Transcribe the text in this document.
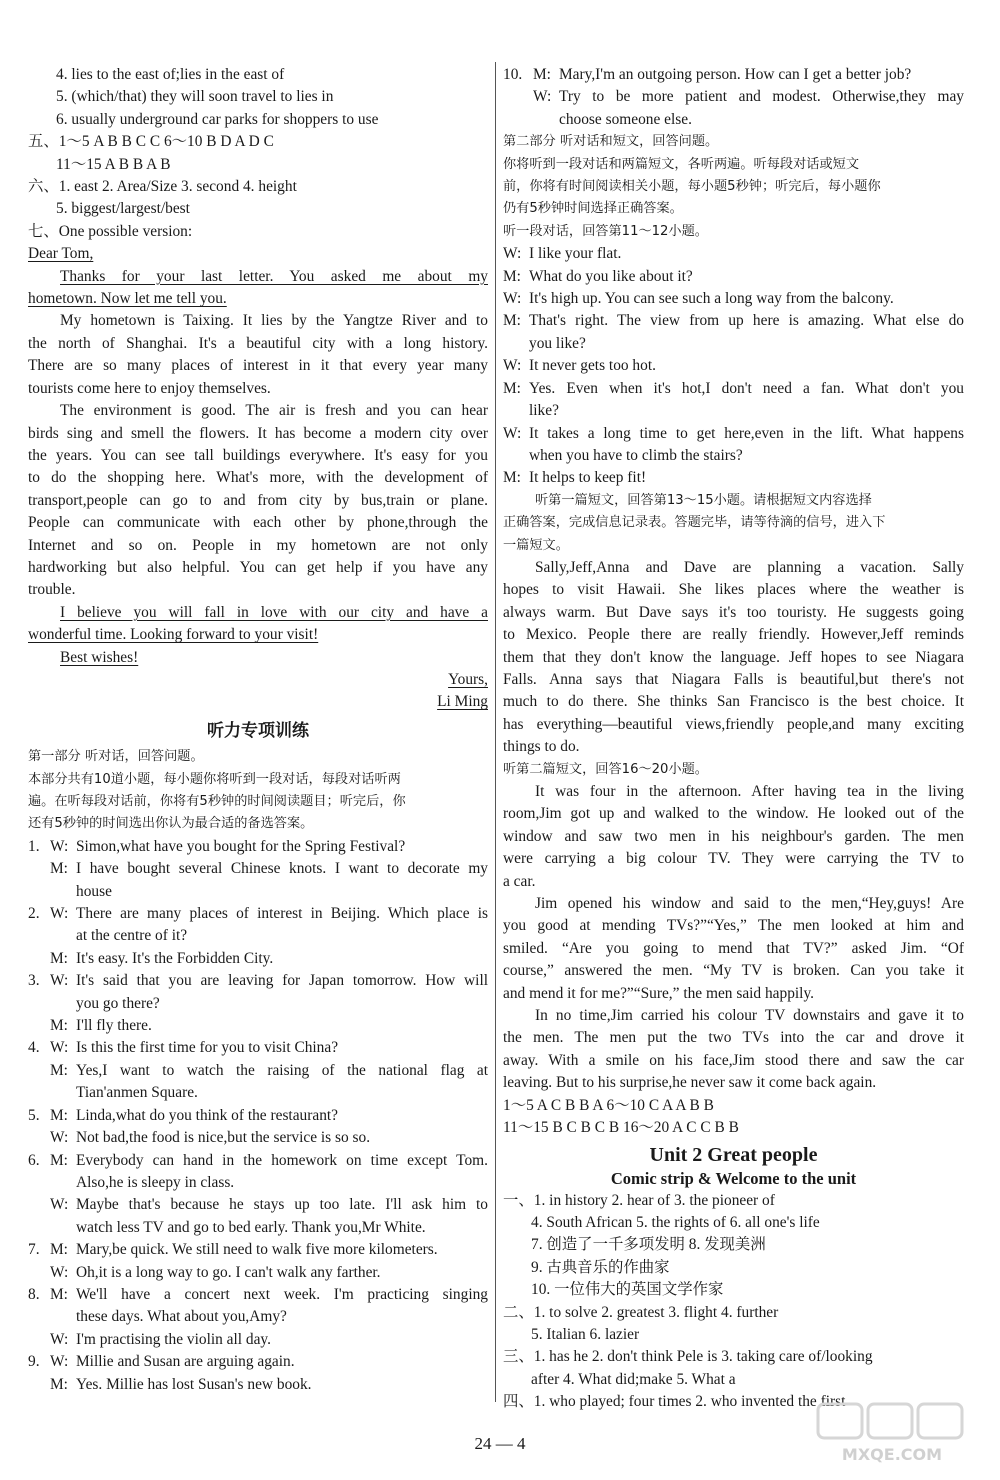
4. lies to the east of;lies in the east of
5. (which/that) they will soon travel to lies in
6. usually underground car parks for shoppers to use
五、1～5 A B B C C 6～10 B D A D C
11～15 A B B A B
六、1. east 2. Area/Size 3. second 4. height
5. biggest/largest/best
七、One possible version:
Dear Tom,
Thanks for your last letter. You asked me about my
hometown. Now let me tell you.
My hometown is Taixing. It lies by the Yangtze River and to
the north of Shanghai. It's a beautiful city with a long history.
There are so many places of interest in it that every year many
tourists come here to enjoy themselves.
The environment is good. The air is fresh and you can hear
birds sing and smell the flowers. It has become a modern city over
the years. You can see tall buildings everywhere. It's easy for you
to do the shopping here. What's more, with the development of
transport,people can go to and from city by bus,train or plane.
People can communicate with each other by phone,through the
Internet and so on. People in my hometown are not only
hardworking but also helpful. You can get help if you have any
trouble.
I believe you will fall in love with our city and have a
wonderful time. Looking forward to your visit!
Best wishes!
Yours,
Li Ming
听力专项训练
第一部分 听对话，回答问题。
本部分共有10道小题，每小题你将听到一段对话，每段对话听两
遍。在听每段对话前，你将有5秒钟的时间阅读题目；听完后，你
还有5秒钟的时间选出你认为最合适的备选答案。
1. W: Simon,what have you bought for the Spring Festival?
M: I have bought several Chinese knots. I want to decorate my
house
2. W: There are many places of interest in Beijing. Which place is
at the centre of it?
M: It's easy. It's the Forbidden City.
3. W: It's said that you are leaving for Japan tomorrow. How will
you go there?
M: I'll fly there.
4. W: Is this the first time for you to visit China?
M: Yes,I want to watch the raising of the national flag at
Tian'anmen Square.
5. M: Linda,what do you think of the restaurant?
W: Not bad,the food is nice,but the service is so so.
6. M: Everybody can hand in the homework on time except Tom.
Also,he is sleepy in class.
W: Maybe that's because he stays up too late. I'll ask him to
watch less TV and go to bed early. Thank you,Mr White.
7. M: Mary,be quick. We still need to walk five more kilometers.
W: Oh,it is a long way to go. I can't walk any farther.
8. M: We'll have a concert next week. I'm practicing singing
these days. What about you,Amy?
W: I'm practising the violin all day.
9. W: Millie and Susan are arguing again.
M: Yes. Millie has lost Susan's new book.
10. M: Mary,I'm an outgoing person. How can I get a better job?
W: Try to be more patient and modest. Otherwise,they may
choose someone else.
第二部分 听对话和短文，回答问题。
你将听到一段对话和两篇短文，各听两遍。听每段对话或短文
前，你将有时间阅读相关小题，每小题5秒钟；听完后，每小题你
仍有5秒钟时间选择正确答案。
听一段对话，回答第11～12小题。
W: I like your flat.
M: What do you like about it?
W: It's high up. You can see such a long way from the balcony.
M: That's right. The view from up here is amazing. What else do
you like?
W: It never gets too hot.
M: Yes. Even when it's hot,I don't need a fan. What don't you
like?
W: It takes a long time to get here,even in the lift. What happens
when you have to climb the stairs?
M: It helps to keep fit!
听第一篇短文，回答第13～15小题。请根据短文内容选择
正确答案，完成信息记录表。答题完毕，请等待滴的信号，进入下
一篇短文。
Sally,Jeff,Anna and Dave are planning a vacation. Sally
hopes to visit Hawaii. She likes places where the weather is
always warm. But Dave says it's too touristy. He suggests going
to Mexico. People there are really friendly. However,Jeff reminds
them that they don't know the language. Jeff hopes to see Niagara
Falls. Anna says that Niagara Falls is beautiful,but there's not
much to do there. She thinks San Francisco is the best choice. It
has everything—beautiful views,friendly people,and many exciting
things to do.
听第二篇短文，回答16～20小题。
It was four in the afternoon. After having tea in the living
room,Jim got up and walked to the window. He looked out of the
window and saw two men in his neighbour's garden. The men
were carrying a big colour TV. They were carrying the TV to
a car.
Jim opened his window and said to the men,“Hey,guys! Are
you good at mending TVs?”“Yes,” The men looked at him and
smiled. “Are you going to mend that TV?” asked Jim. “Of
course,” answered the men. “My TV is broken. Can you take it
and mend it for me?”“Sure,” the men said happily.
In no time,Jim carried his colour TV downstairs and gave it to
the men. The men put the two TVs into the car and drove it
away. With a smile on his face,Jim stood there and saw the car
leaving. But to his surprise,he never saw it come back again.
1～5 A C B B A 6～10 C A A B B
11～15 B C B C B 16～20 A C C B B
Unit 2 Great people
Comic strip & Welcome to the unit
一、1. in history 2. hear of 3. the pioneer of
4. South African 5. the rights of 6. all one's life
7. 创造了一千多项发明 8. 发现美洲
9. 古典音乐的作曲家
10. 一位伟大的英国文学作家
二、1. to solve 2. greatest 3. flight 4. further
5. Italian 6. lazier
三、1. has he 2. don't think Pele is 3. taking care of/looking
after 4. What did;make 5. What a
四、1. who played; four times 2. who invented the first
24 — 4
MXQE.COM
